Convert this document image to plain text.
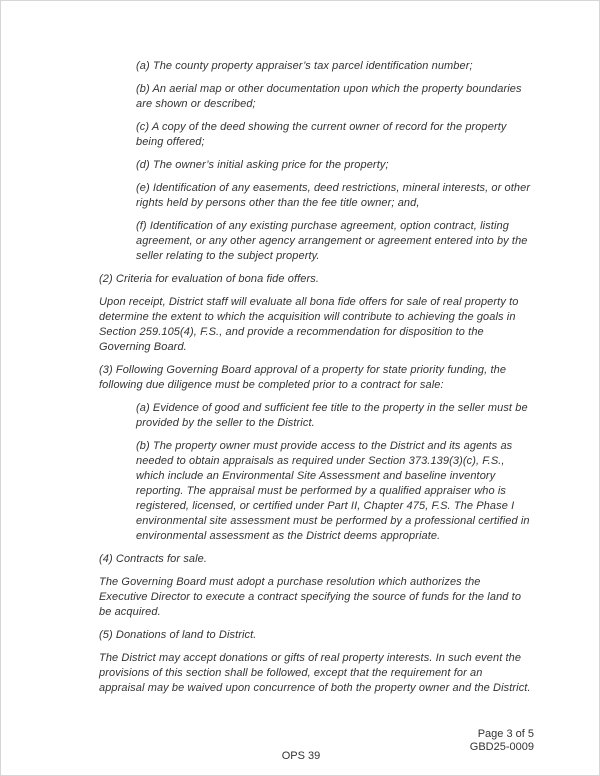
(a) The county property appraiser’s tax parcel identification number;

(b) An aerial map or other documentation upon which the property boundaries are shown or described;

(c) A copy of the deed showing the current owner of record for the property being offered;

(d) The owner’s initial asking price for the property;

(e) Identification of any easements, deed restrictions, mineral interests, or other rights held by persons other than the fee title owner; and,

(f) Identification of any existing purchase agreement, option contract, listing agreement, or any other agency arrangement or agreement entered into by the seller relating to the subject property.

(2) Criteria for evaluation of bona fide offers.

Upon receipt, District staff will evaluate all bona fide offers for sale of real property to determine the extent to which the acquisition will contribute to achieving the goals in Section 259.105(4), F.S., and provide a recommendation for disposition to the Governing Board.

(3) Following Governing Board approval of a property for state priority funding, the following due diligence must be completed prior to a contract for sale:

(a) Evidence of good and sufficient fee title to the property in the seller must be provided by the seller to the District.

(b) The property owner must provide access to the District and its agents as needed to obtain appraisals as required under Section 373.139(3)(c), F.S., which include an Environmental Site Assessment and baseline inventory reporting. The appraisal must be performed by a qualified appraiser who is registered, licensed, or certified under Part II, Chapter 475, F.S. The Phase I environmental site assessment must be performed by a professional certified in environmental assessment as the District deems appropriate.

(4) Contracts for sale.

The Governing Board must adopt a purchase resolution which authorizes the Executive Director to execute a contract specifying the source of funds for the land to be acquired.

(5) Donations of land to District.

The District may accept donations or gifts of real property interests. In such event the provisions of this section shall be followed, except that the requirement for an appraisal may be waived upon concurrence of both the property owner and the District.

Page 3 of 5
GBD25-0009
OPS 39
